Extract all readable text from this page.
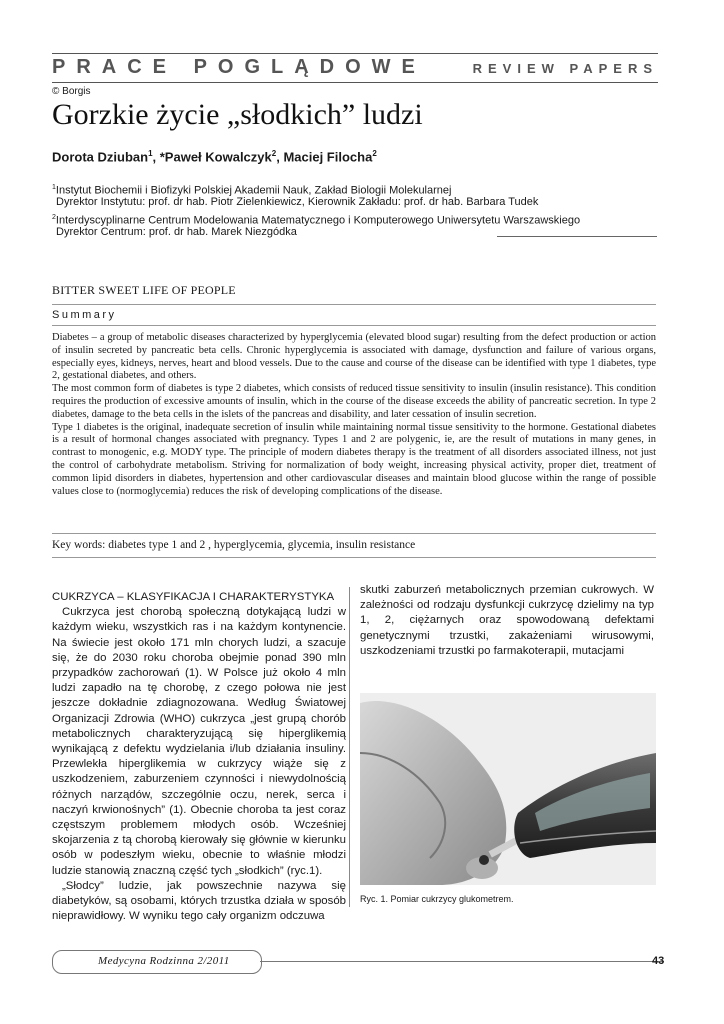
PRACE POGLĄDOWE	REVIEW PAPERS
© Borgis
Gorzkie życie „słodkich” ludzi
Dorota Dziuban$^1$, *Paweł Kowalczyk$^2$, Maciej Filocha$^2$
$^1$Instytut Biochemii i Biofizyki Polskiej Akademii Nauk, Zakład Biologii Molekularnej
Dyrektor Instytutu: prof. dr hab. Piotr Zielenkiewicz, Kierownik Zakładu: prof. dr hab. Barbara Tudek
$^2$Interdyscyplinarne Centrum Modelowania Matematycznego i Komputerowego Uniwersytetu Warszawskiego
Dyrektor Centrum: prof. dr hab. Marek Niezgódka
BITTER SWEET LIFE OF PEOPLE
Summary

Diabetes – a group of metabolic diseases characterized by hyperglycemia (elevated blood sugar) resulting from the defect production or action of insulin secreted by pancreatic beta cells. Chronic hyperglycemia is associated with damage, dysfunction and failure of various organs, especially eyes, kidneys, nerves, heart and blood vessels. Due to the cause and course of the disease can be identified with type 1 diabetes, type 2, gestational diabetes, and others.

The most common form of diabetes is type 2 diabetes, which consists of reduced tissue sensitivity to insulin (insulin resistance). This condition requires the production of excessive amounts of insulin, which in the course of the disease exceeds the ability of pancreatic secretion. In type 2 diabetes, damage to the beta cells in the islets of the pancreas and disability, and later cessation of insulin secretion.

Type 1 diabetes is the original, inadequate secretion of insulin while maintaining normal tissue sensitivity to the hormone. Gestational diabetes is a result of hormonal changes associated with pregnancy. Types 1 and 2 are polygenic, ie, are the result of mutations in many genes, in contrast to monogenic, e.g. MODY type. The principle of modern diabetes therapy is the treatment of all disorders associated illness, not just the control of carbohydrate metabolism. Striving for normalization of body weight, increasing physical activity, proper diet, treatment of common lipid disorders in diabetes, hypertension and other cardiovascular diseases and maintain blood glucose within the range of possible values close to (normoglycemia) reduces the risk of developing complications of the disease.

Key words: diabetes type 1 and 2 , hyperglycemia, glycemia, insulin resistance

CUKRZYCA – KLASYFIKACJA I CHARAKTERYSTYKA

Cukrzyca jest chorobą społeczną dotykającą ludzi w każdym wieku, wszystkich ras i na każdym kontynencie. Na świecie jest około 171 mln chorych ludzi, a szacuje się, że do 2030 roku choroba obejmie ponad 390 mln przypadków zachorowań (1). W Polsce już około 4 mln ludzi zapadło na tę chorobę, z czego połowa nie jest jeszcze dokładnie zdiagnozowana. Według Światowej Organizacji Zdrowia (WHO) cukrzyca „jest grupą chorób metabolicznych charakteryzującą się hiperglikemią wynikającą z defektu wydzielania i/lub działania insuliny. Przewlekła hiperglikemia w cukrzycy wiąże się z uszkodzeniem, zaburzeniem czynności i niewydolnością różnych narządów, szczególnie oczu, nerek, serca i naczyń krwionośnych” (1). Obecnie choroba ta jest coraz częstszym problemem młodych osób. Wcześniej skojarzenia z tą chorobą kierowały się głównie w kierunku osób w podeszłym wieku, obecnie to właśnie młodzi ludzie stanowią znaczną część tych „słodkich” (ryc.1).

„Słodcy” ludzie, jak powszechnie nazywa się diabetyków, są osobami, których trzustka działa w sposób nieprawidłowy. W wyniku tego cały organizm odczuwa

skutki zaburzeń metabolicznych przemian cukrowych. W zależności od rodzaju dysfunkcji cukrzycę dzielimy na typ 1, 2, ciężarnych oraz spowodowaną defektami genetycznymi trzustki, zakażeniami wirusowymi, uszkodzeniami trzustki po farmakoterapii, mutacjami

Ryc. 1. Pomiar cukrzycy glukometrem.
Medycyna Rodzinna 2/2011	43
